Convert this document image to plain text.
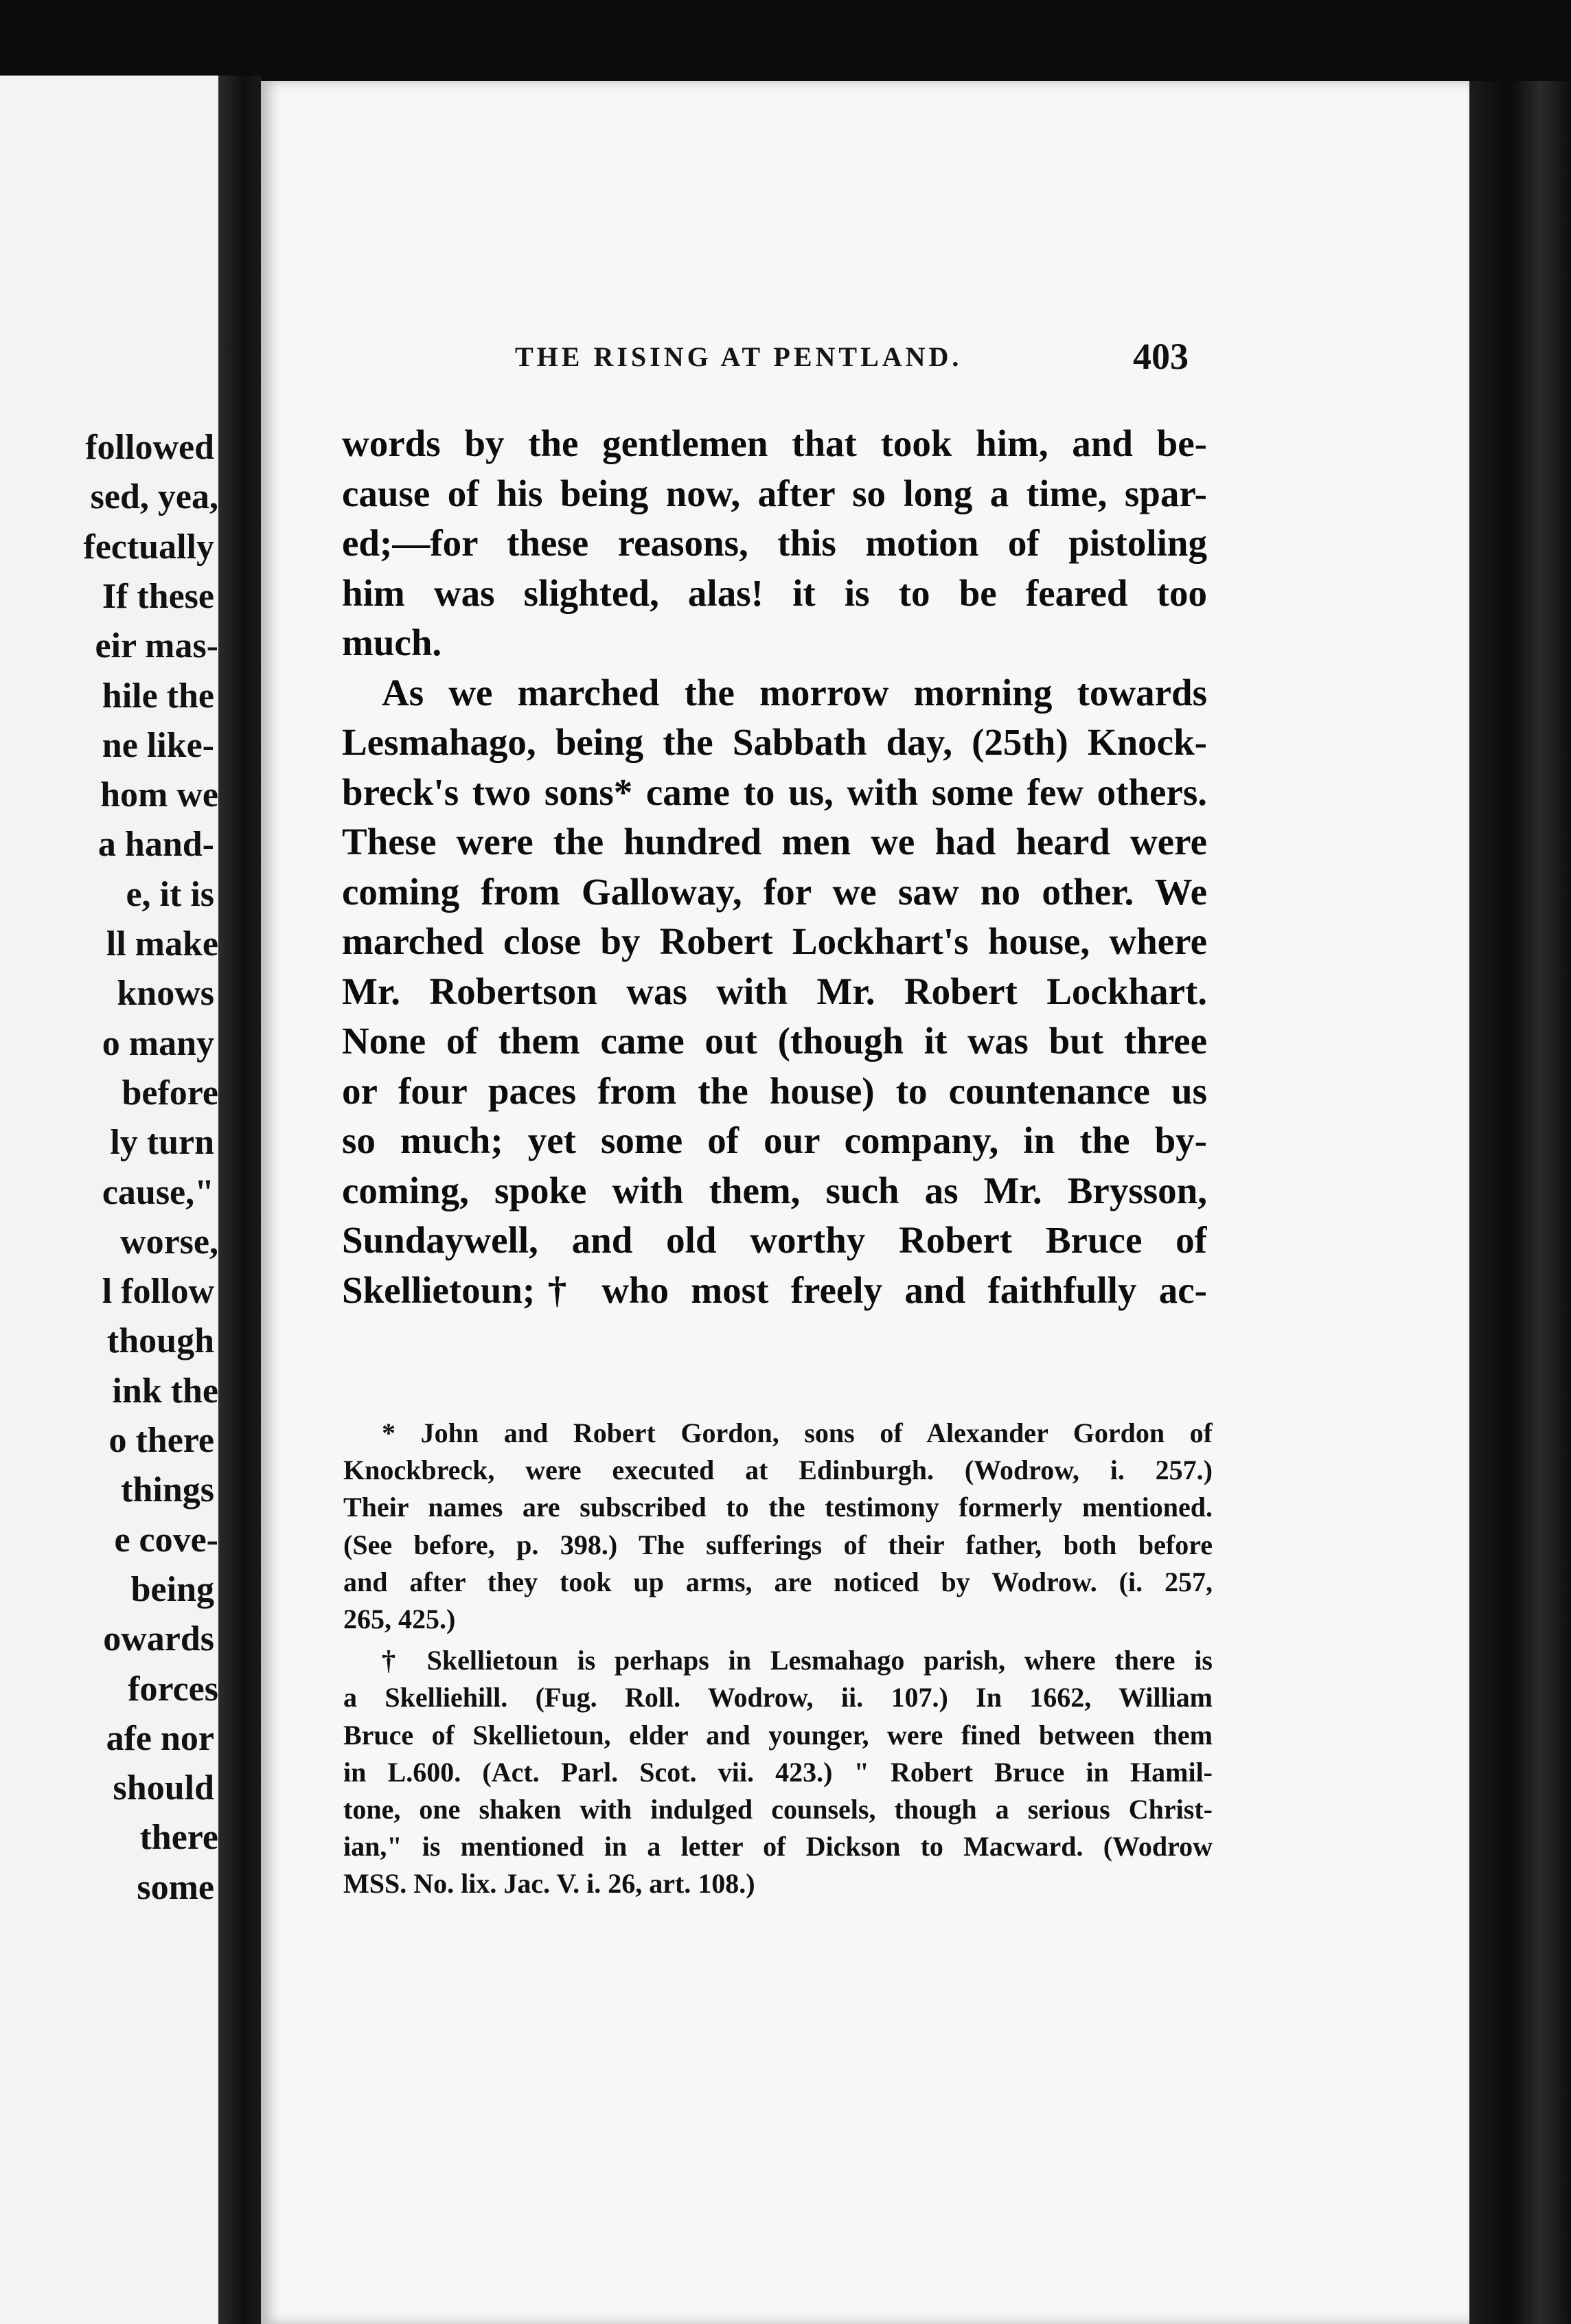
followed
sed, yea,
fectually
If these
eir mas-
hile the
ne like-
hom we
a hand-
e, it is
ll make
knows
o many
before
ly turn
cause,"
worse,
l follow
though
ink the
o there
things
e cove-
being
owards
forces
afe nor
should
there
some
THE RISING AT PENTLAND.	403
words by the gentlemen that took him, and be-
cause of his being now, after so long a time, spar-
ed;—for these reasons, this motion of pistoling
him was slighted, alas! it is to be feared too
much.
As we marched the morrow morning towards
Lesmahago, being the Sabbath day, (25th) Knock-
breck's two sons* came to us, with some few others.
These were the hundred men we had heard were
coming from Galloway, for we saw no other. We
marched close by Robert Lockhart's house, where
Mr. Robertson was with Mr. Robert Lockhart.
None of them came out (though it was but three
or four paces from the house) to countenance us
so much; yet some of our company, in the by-
coming, spoke with them, such as Mr. Brysson,
Sundaywell, and old worthy Robert Bruce of
Skellietoun;† who most freely and faithfully ac-
* John and Robert Gordon, sons of Alexander Gordon of
Knockbreck, were executed at Edinburgh. (Wodrow, i. 257.)
Their names are subscribed to the testimony formerly mentioned.
(See before, p. 398.) The sufferings of their father, both before
and after they took up arms, are noticed by Wodrow. (i. 257,
265, 425.)
† Skellietoun is perhaps in Lesmahago parish, where there is
a Skelliehill. (Fug. Roll. Wodrow, ii. 107.) In 1662, William
Bruce of Skellietoun, elder and younger, were fined between them
in L.600. (Act. Parl. Scot. vii. 423.) " Robert Bruce in Hamil-
tone, one shaken with indulged counsels, though a serious Christ-
ian," is mentioned in a letter of Dickson to Macward. (Wodrow
MSS. No. lix. Jac. V. i. 26, art. 108.)
